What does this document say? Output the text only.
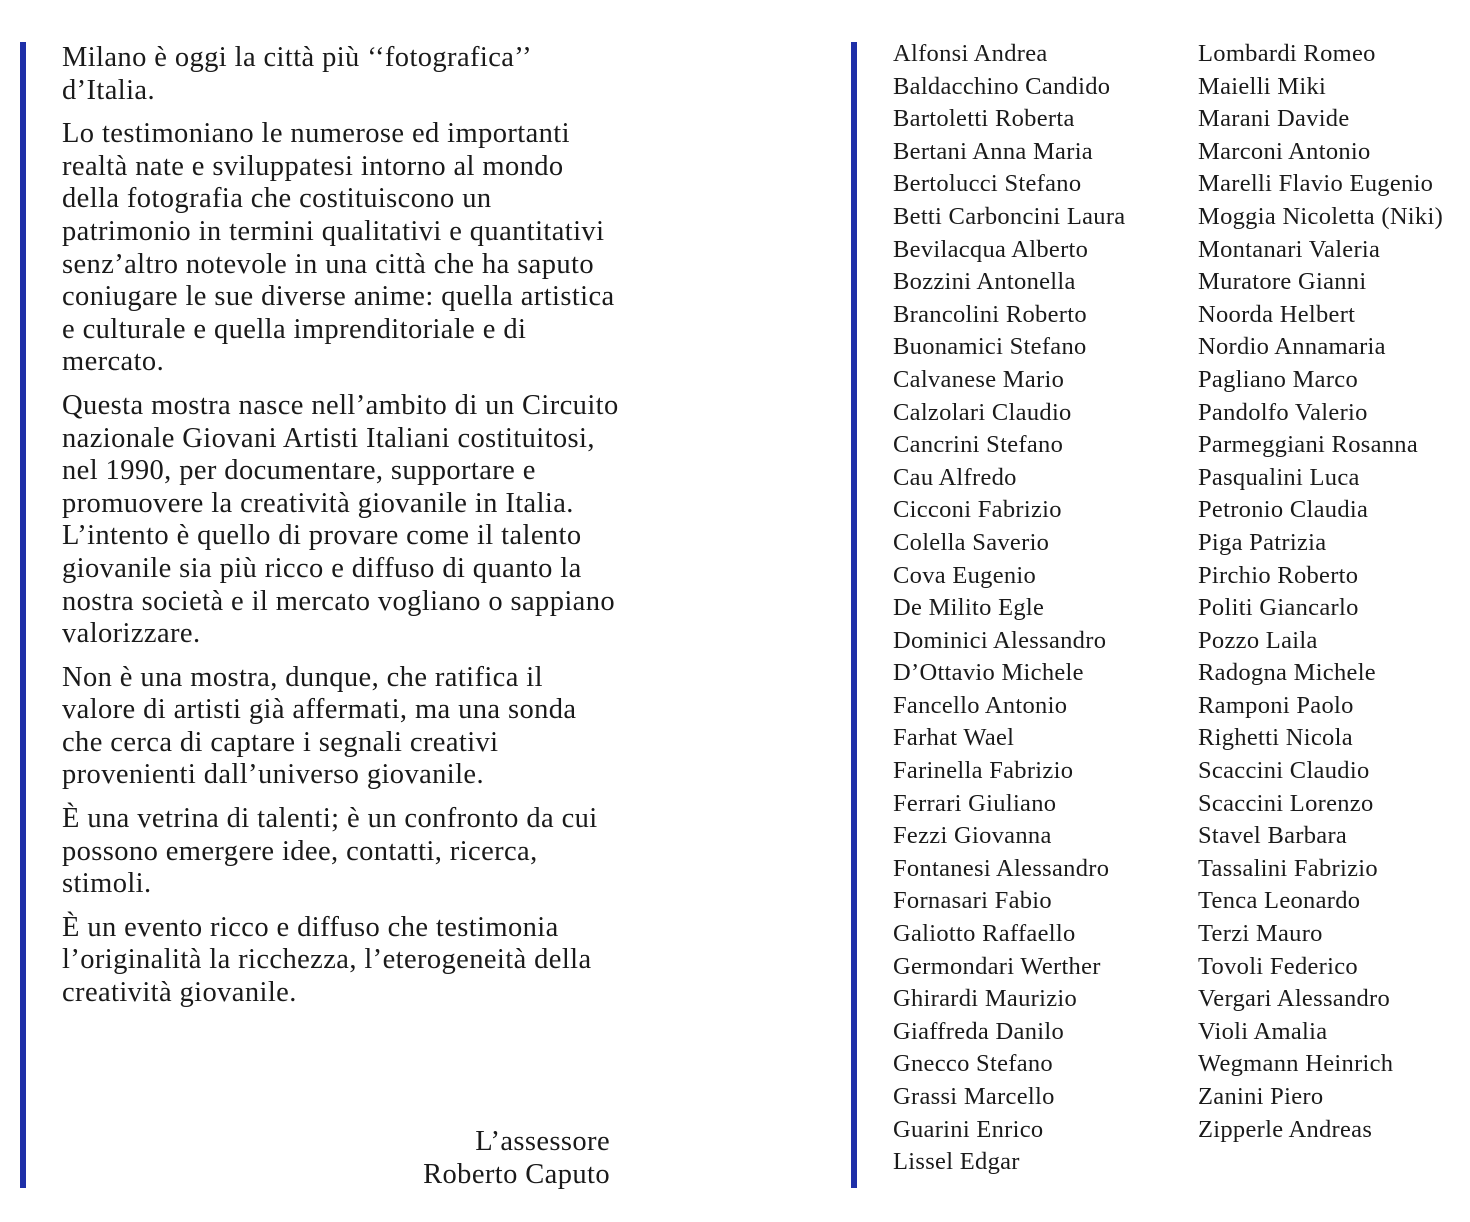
Milano è oggi la città più ‘‘fotografica’’ d’Italia.

Lo testimoniano le numerose ed importanti realtà nate e sviluppatesi intorno al mondo della fotografia che costituiscono un patrimonio in termini qualitativi e quantitativi senz’altro notevole in una città che ha saputo coniugare le sue diverse anime: quella artistica e culturale e quella imprenditoriale e di mercato.

Questa mostra nasce nell’ambito di un Circuito nazionale Giovani Artisti Italiani costituitosi, nel 1990, per documentare, supportare e promuovere la creatività giovanile in Italia. L’intento è quello di provare come il talento giovanile sia più ricco e diffuso di quanto la nostra società e il mercato vogliano o sappiano valorizzare.

Non è una mostra, dunque, che ratifica il valore di artisti già affermati, ma una sonda che cerca di captare i segnali creativi provenienti dall’universo giovanile.

È una vetrina di talenti; è un confronto da cui possono emergere idee, contatti, ricerca, stimoli.

È un evento ricco e diffuso che testimonia l’originalità la ricchezza, l’eterogeneità della creatività giovanile.

L’assessore
Roberto Caputo
Alfonsi Andrea
Baldacchino Candido
Bartoletti Roberta
Bertani Anna Maria
Bertolucci Stefano
Betti Carboncini Laura
Bevilacqua Alberto
Bozzini Antonella
Brancolini Roberto
Buonamici Stefano
Calvanese Mario
Calzolari Claudio
Cancrini Stefano
Cau Alfredo
Cicconi Fabrizio
Colella Saverio
Cova Eugenio
De Milito Egle
Dominici Alessandro
D’Ottavio Michele
Fancello Antonio
Farhat Wael
Farinella Fabrizio
Ferrari Giuliano
Fezzi Giovanna
Fontanesi Alessandro
Fornasari Fabio
Galiotto Raffaello
Germondari Werther
Ghirardi Maurizio
Giaffreda Danilo
Gnecco Stefano
Grassi Marcello
Guarini Enrico
Lissel Edgar
Lombardi Romeo
Maielli Miki
Marani Davide
Marconi Antonio
Marelli Flavio Eugenio
Moggia Nicoletta (Niki)
Montanari Valeria
Muratore Gianni
Noorda Helbert
Nordio Annamaria
Pagliano Marco
Pandolfo Valerio
Parmeggiani Rosanna
Pasqualini Luca
Petronio Claudia
Piga Patrizia
Pirchio Roberto
Politi Giancarlo
Pozzo Laila
Radogna Michele
Ramponi Paolo
Righetti Nicola
Scaccini Claudio
Scaccini Lorenzo
Stavel Barbara
Tassalini Fabrizio
Tenca Leonardo
Terzi Mauro
Tovoli Federico
Vergari Alessandro
Violi Amalia
Wegmann Heinrich
Zanini Piero
Zipperle Andreas
